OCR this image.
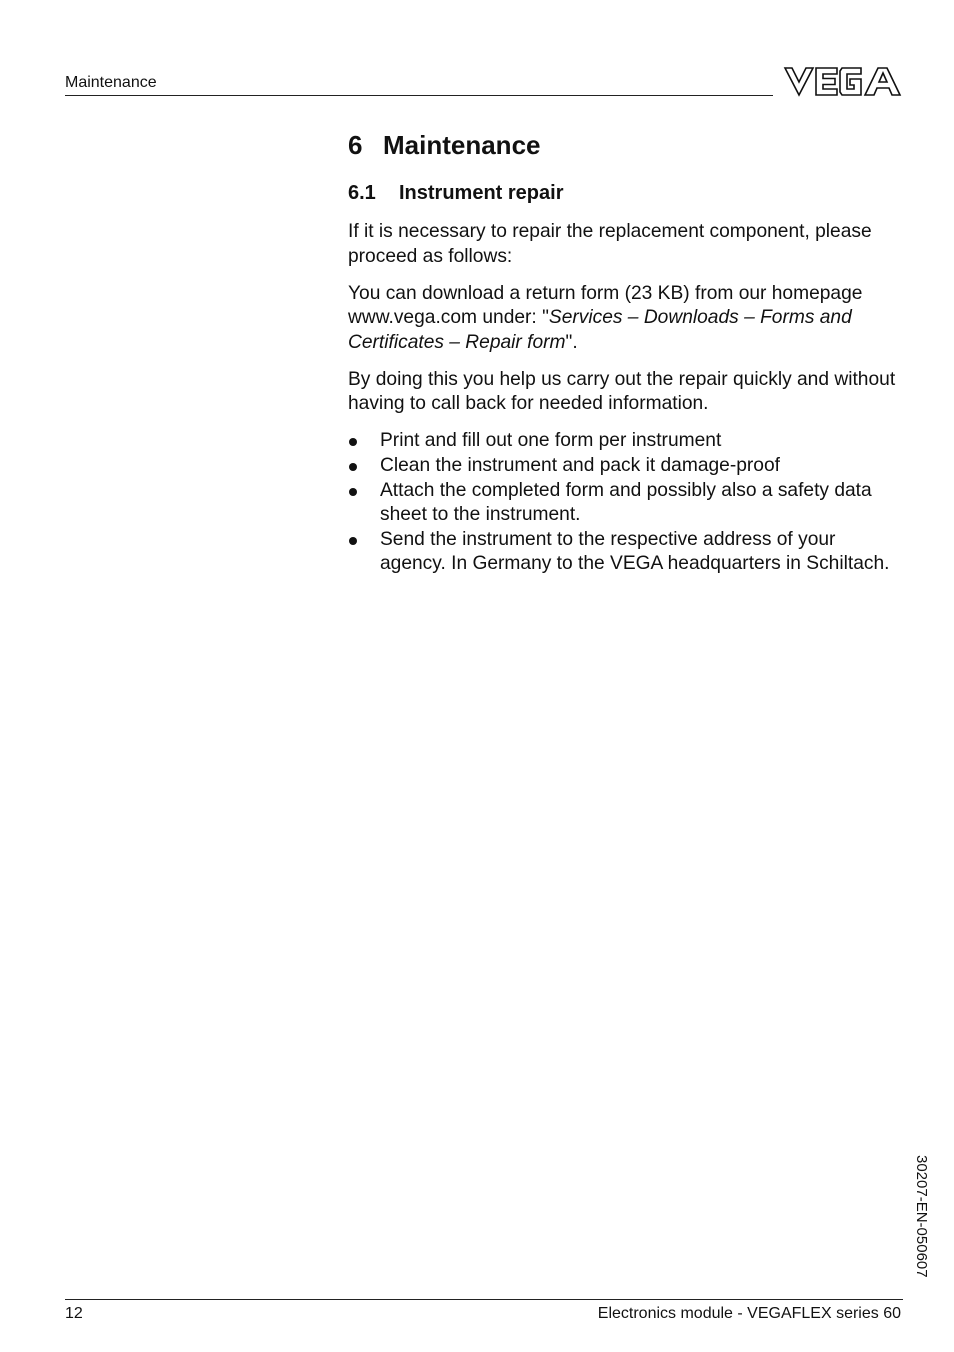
Maintenance
6 Maintenance
6.1 Instrument repair

If it is necessary to repair the replacement component, please proceed as follows:

You can download a return form (23 KB) from our homepage www.vega.com under: "Services – Downloads – Forms and Certificates – Repair form".

By doing this you help us carry out the repair quickly and without having to call back for needed information.

Print and fill out one form per instrument
Clean the instrument and pack it damage-proof
Attach the completed form and possibly also a safety data sheet to the instrument.
Send the instrument to the respective address of your agency. In Germany to the VEGA headquarters in Schiltach.
30207-EN-050607
12	Electronics module - VEGAFLEX series 60
